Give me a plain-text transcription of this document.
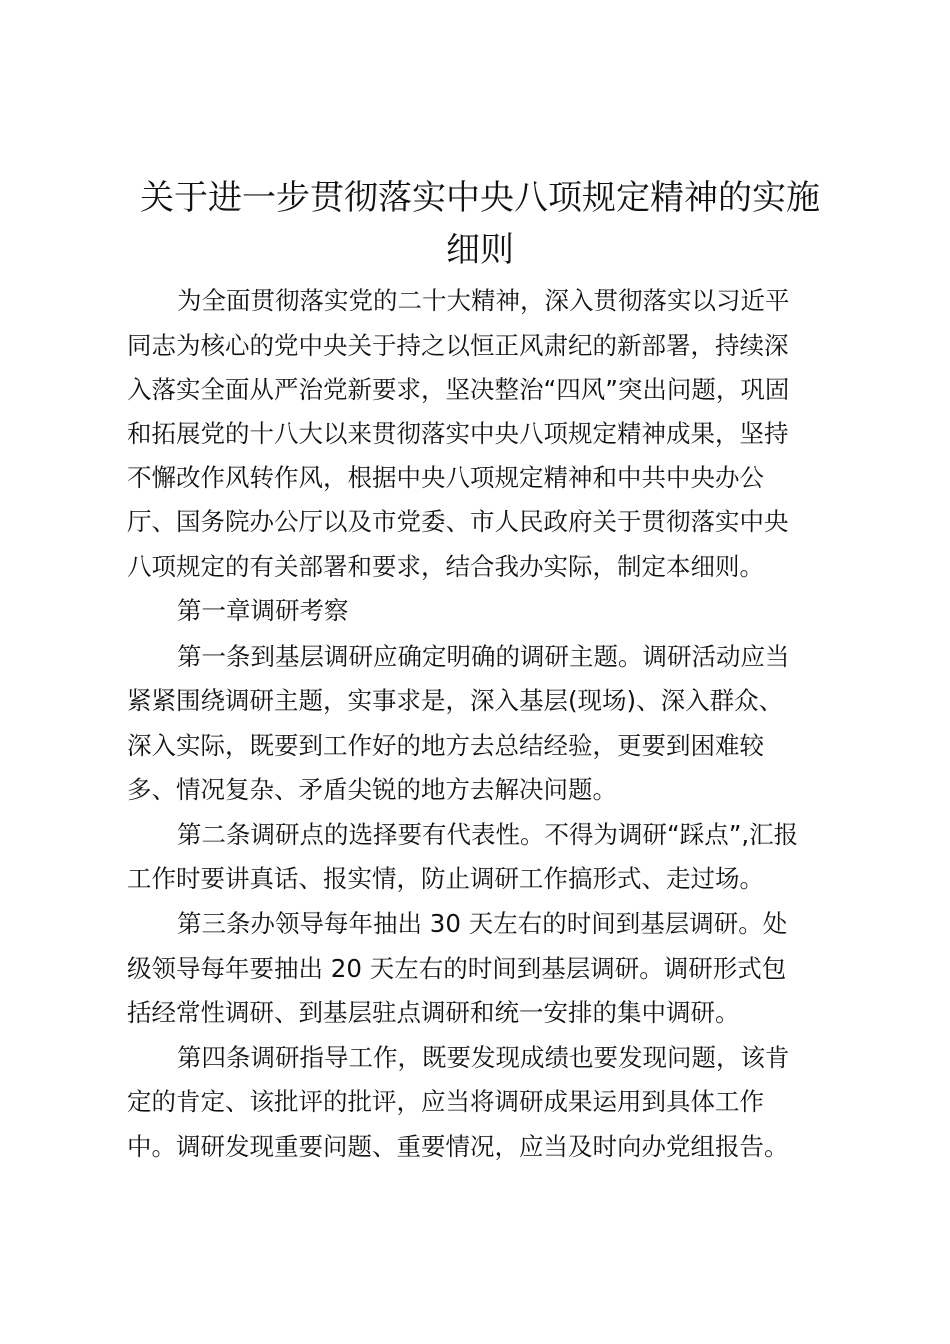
关于进一步贯彻落实中央八项规定精神的实施
细则
为全面贯彻落实党的二十大精神，深入贯彻落实以习近平
同志为核心的党中央关于持之以恒正风肃纪的新部署，持续深
入落实全面从严治党新要求，坚决整治“四风”突出问题，巩固
和拓展党的十八大以来贯彻落实中央八项规定精神成果，坚持
不懈改作风转作风，根据中央八项规定精神和中共中央办公
厅、国务院办公厅以及市党委、市人民政府关于贯彻落实中央
八项规定的有关部署和要求，结合我办实际，制定本细则。
第一章调研考察
第一条到基层调研应确定明确的调研主题。调研活动应当
紧紧围绕调研主题，实事求是，深入基层(现场)、深入群众、
深入实际，既要到工作好的地方去总结经验，更要到困难较
多、情况复杂、矛盾尖锐的地方去解决问题。
第二条调研点的选择要有代表性。不得为调研“踩点”,汇报
工作时要讲真话、报实情，防止调研工作搞形式、走过场。
第三条办领导每年抽出 30 天左右的时间到基层调研。处
级领导每年要抽出 20 天左右的时间到基层调研。调研形式包
括经常性调研、到基层驻点调研和统一安排的集中调研。
第四条调研指导工作，既要发现成绩也要发现问题，该肯
定的肯定、该批评的批评，应当将调研成果运用到具体工作
中。调研发现重要问题、重要情况，应当及时向办党组报告。
